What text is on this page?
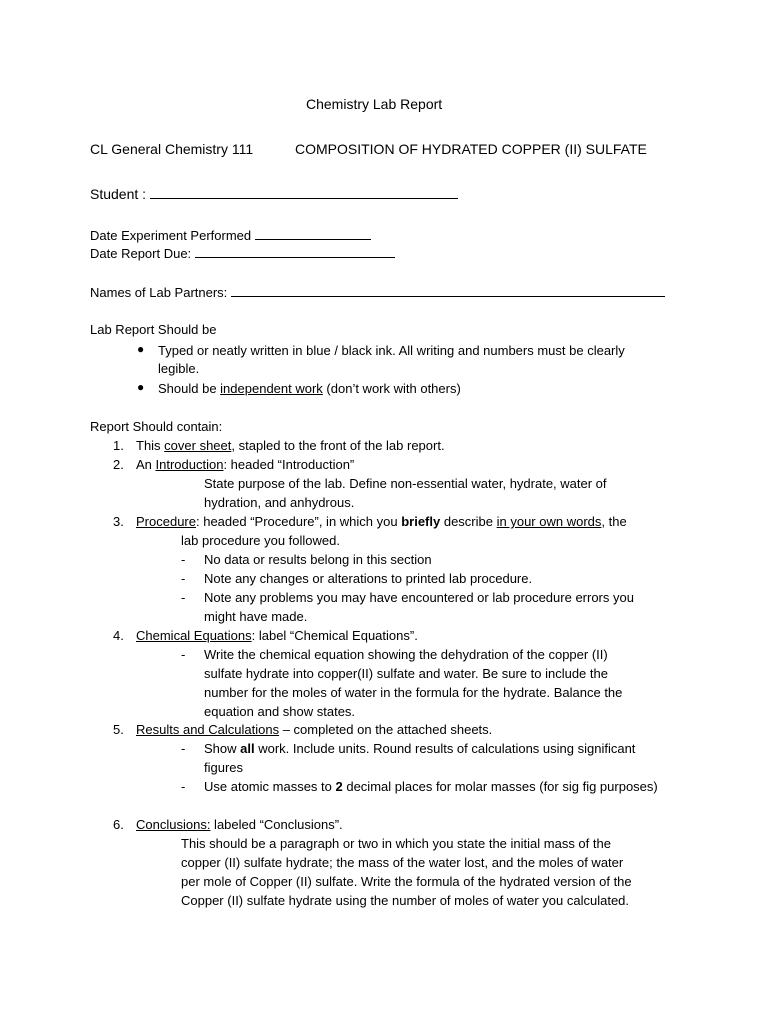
Chemistry Lab Report
CL General Chemistry 111	COMPOSITION OF HYDRATED COPPER (II) SULFATE
Student :
Date Experiment Performed
Date Report Due:
Names of Lab Partners:
Lab Report Should be
● Typed or neatly written in blue / black ink. All writing and numbers must be clearly
legible.
● Should be independent work (don’t work with others)
Report Should contain:
1. This cover sheet, stapled to the front of the lab report.
2. An Introduction: headed “Introduction”
State purpose of the lab. Define non-essential water, hydrate, water of
hydration, and anhydrous.
3. Procedure: headed “Procedure”, in which you briefly describe in your own words, the
lab procedure you followed.
- No data or results belong in this section
- Note any changes or alterations to printed lab procedure.
- Note any problems you may have encountered or lab procedure errors you
might have made.
4. Chemical Equations: label “Chemical Equations”.
- Write the chemical equation showing the dehydration of the copper (II)
sulfate hydrate into copper(II) sulfate and water. Be sure to include the
number for the moles of water in the formula for the hydrate. Balance the
equation and show states.
5. Results and Calculations – completed on the attached sheets.
- Show all work. Include units. Round results of calculations using significant
figures
- Use atomic masses to 2 decimal places for molar masses (for sig fig purposes)
6. Conclusions: labeled “Conclusions”.
This should be a paragraph or two in which you state the initial mass of the
copper (II) sulfate hydrate; the mass of the water lost, and the moles of water
per mole of Copper (II) sulfate. Write the formula of the hydrated version of the
Copper (II) sulfate hydrate using the number of moles of water you calculated.
